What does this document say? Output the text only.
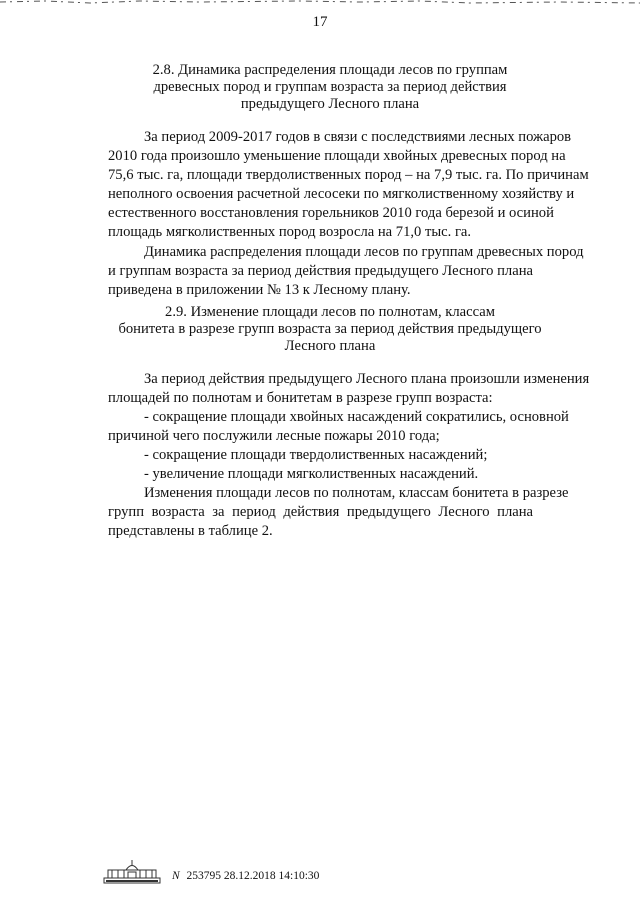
17
2.8. Динамика распределения площади лесов по группам
древесных пород и группам возраста за период действия
предыдущего Лесного плана
За период 2009-2017 годов в связи с последствиями лесных пожаров
2010 года произошло уменьшение площади хвойных древесных пород на
75,6 тыс. га, площади твердолиственных пород – на 7,9 тыс. га. По причинам
неполного освоения расчетной лесосеки по мягколиственному хозяйству и
естественного восстановления горельников 2010 года березой и осиной
площадь мягколиственных пород возросла на 71,0 тыс. га.
Динамика распределения площади лесов по группам древесных пород
и группам возраста за период действия предыдущего Лесного плана
приведена в приложении № 13 к Лесному плану.
2.9. Изменение площади лесов по полнотам, классам
бонитета в разрезе групп возраста за период действия предыдущего
Лесного плана
За период действия предыдущего Лесного плана произошли изменения
площадей по полнотам и бонитетам в разрезе групп возраста:
- сокращение площади хвойных насаждений сократились, основной
причиной чего послужили лесные пожары 2010 года;
- сокращение площади твердолиственных насаждений;
- увеличение площади мягколиственных насаждений.
Изменения площади лесов по полнотам, классам бонитета в разрезе
групп возраста за период действия предыдущего Лесного плана
представлены в таблице 2.
N 253795 28.12.2018 14:10:30
